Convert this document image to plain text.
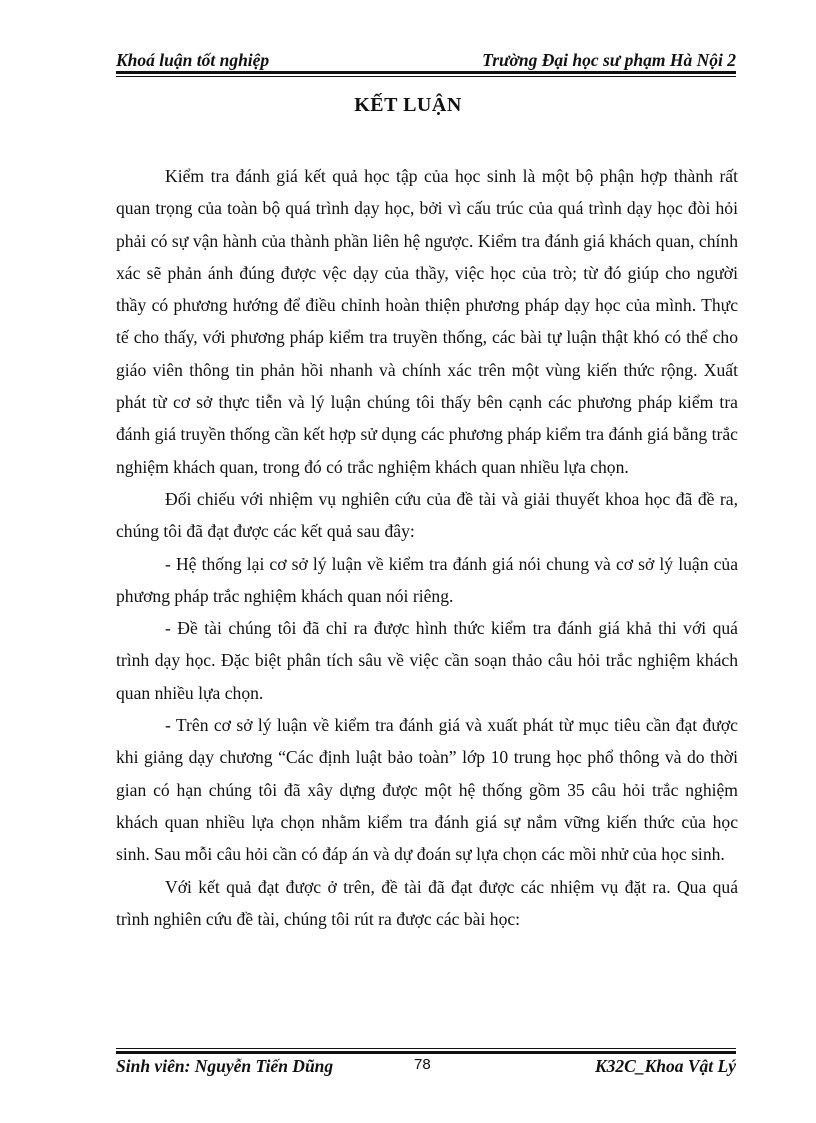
Khoá luận tốt nghiệp	Trường Đại học sư phạm Hà Nội 2
KẾT LUẬN

Kiểm tra đánh giá kết quả học tập của học sinh là một bộ phận hợp thành rất quan trọng của toàn bộ quá trình dạy học, bởi vì cấu trúc của quá trình dạy học đòi hỏi phải có sự vận hành của thành phần liên hệ ngược. Kiểm tra đánh giá khách quan, chính xác sẽ phản ánh đúng được vệc dạy của thầy, việc học của trò; từ đó giúp cho người thầy có phương hướng để điều chỉnh hoàn thiện phương pháp dạy học của mình. Thực tế cho thấy, với phương pháp kiểm tra truyền thống, các bài tự luận thật khó có thể cho giáo viên thông tin phản hồi nhanh và chính xác trên một vùng kiến thức rộng. Xuất phát từ cơ sở thực tiễn và lý luận chúng tôi thấy bên cạnh các phương pháp kiểm tra đánh giá truyền thống cần kết hợp sử dụng các phương pháp kiểm tra đánh giá bằng trắc nghiệm khách quan, trong đó có trắc nghiệm khách quan nhiều lựa chọn.

Đối chiếu với nhiệm vụ nghiên cứu của đề tài và giải thuyết khoa học đã đề ra, chúng tôi đã đạt được các kết quả sau đây:

- Hệ thống lại cơ sở lý luận về kiểm tra đánh giá nói chung và cơ sở lý luận của phương pháp trắc nghiệm khách quan nói riêng.

- Đề tài chúng tôi đã chỉ ra được hình thức kiểm tra đánh giá khả thi với quá trình dạy học. Đặc biệt phân tích sâu về việc cần soạn thảo câu hỏi trắc nghiệm khách quan nhiều lựa chọn.

- Trên cơ sở lý luận về kiểm tra đánh giá và xuất phát từ mục tiêu cần đạt được khi giảng dạy chương “Các định luật bảo toàn” lớp 10 trung học phổ thông và do thời gian có hạn chúng tôi đã xây dựng được một hệ thống gồm 35 câu hỏi trắc nghiệm khách quan nhiều lựa chọn nhằm kiểm tra đánh giá sự nắm vững kiến thức của học sinh. Sau mỗi câu hỏi cần có đáp án và dự đoán sự lựa chọn các mồi nhử của học sinh.

Với kết quả đạt được ở trên, đề tài đã đạt được các nhiệm vụ đặt ra. Qua quá trình nghiên cứu đề tài, chúng tôi rút ra được các bài học:

Sinh viên: Nguyễn Tiến Dũng	78	K32C_Khoa Vật Lý
